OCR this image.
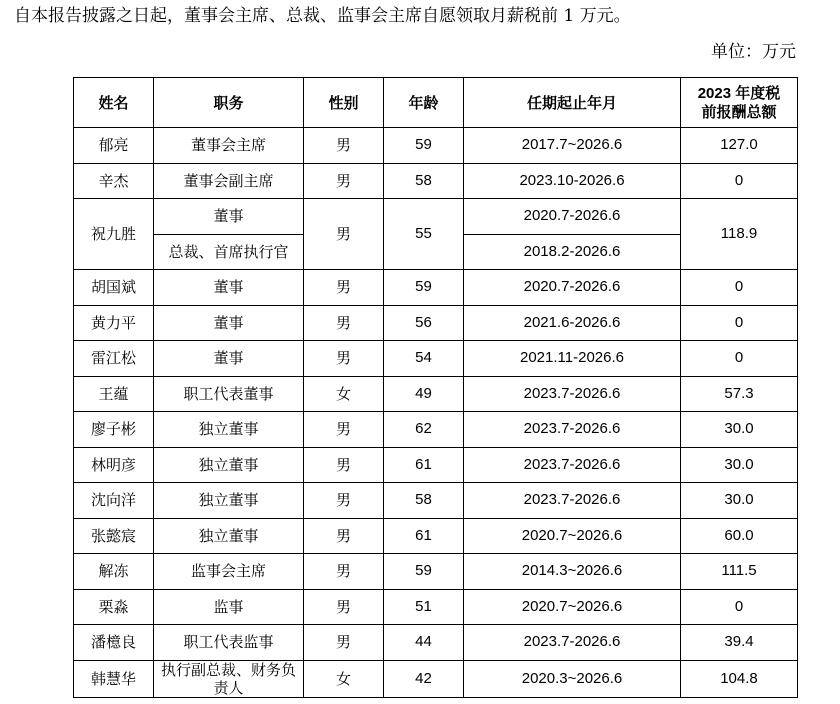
自本报告披露之日起，董事会主席、总裁、监事会主席自愿领取月薪税前 1 万元。
单位：万元
姓名	职务	性别	年龄	任期起止年月	2023 年度税
前报酬总额
郁亮	董事会主席	男	59	2017.7~2026.6	127.0
辛杰	董事会副主席	男	58	2023.10-2026.6	0
祝九胜	董事	男	55	2020.7-2026.6	118.9
	总裁、首席执行官			2018.2-2026.6	
胡国斌	董事	男	59	2020.7-2026.6	0
黄力平	董事	男	56	2021.6-2026.6	0
雷江松	董事	男	54	2021.11-2026.6	0
王蕴	职工代表董事	女	49	2023.7-2026.6	57.3
廖子彬	独立董事	男	62	2023.7-2026.6	30.0
林明彦	独立董事	男	61	2023.7-2026.6	30.0
沈向洋	独立董事	男	58	2023.7-2026.6	30.0
张懿宸	独立董事	男	61	2020.7~2026.6	60.0
解冻	监事会主席	男	59	2014.3~2026.6	111.5
栗淼	监事	男	51	2020.7~2026.6	0
潘檍良	职工代表监事	男	44	2023.7-2026.6	39.4
韩慧华	执行副总裁、财务负责人	女	42	2020.3~2026.6	104.8
